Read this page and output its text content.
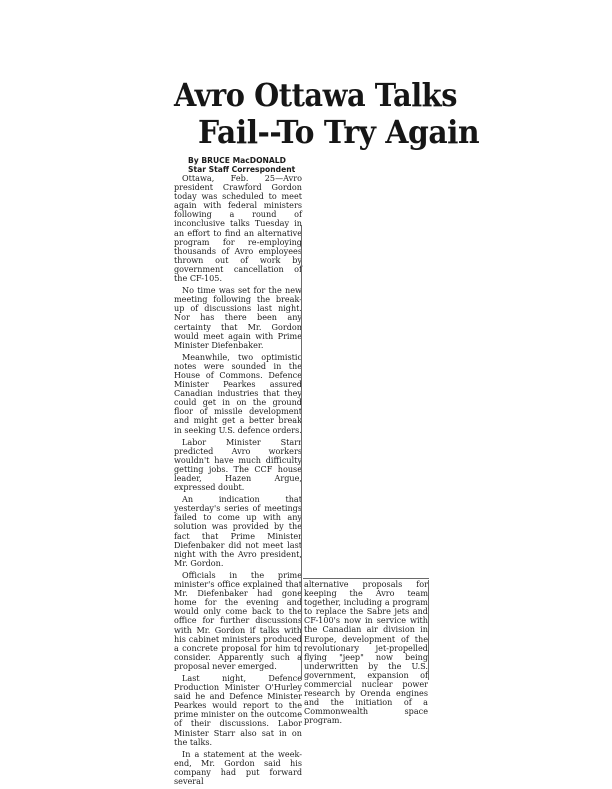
Avro Ottawa Talks
Fail--To Try Again
By BRUCE MacDONALD
Star Staff Correspondent

Ottawa, Feb. 25—Avro president Crawford Gordon today was scheduled to meet again with federal ministers following a round of inconclusive talks Tuesday in an effort to find an alternative program for re-employing thousands of Avro employees thrown out of work by government cancellation of the CF-105.

No time was set for the new meeting following the break-up of discussions last night. Nor has there been any certainty that Mr. Gordon would meet again with Prime Minister Diefenbaker.

Meanwhile, two optimistic notes were sounded in the House of Commons. Defence Minister Pearkes assured Canadian industries that they could get in on the ground floor of missile development and might get a better break in seeking U.S. defence orders.

Labor Minister Starr predicted Avro workers wouldn't have much difficulty getting jobs. The CCF house leader, Hazen Argue, expressed doubt.

An indication that yesterday's series of meetings failed to come up with any solution was provided by the fact that Prime Minister Diefenbaker did not meet last night with the Avro president, Mr. Gordon.

Officials in the prime minister's office explained that Mr. Diefenbaker had gone home for the evening and would only come back to the office for further discussions with Mr. Gordon if talks with his cabinet ministers produced a concrete proposal for him to consider. Apparently such a proposal never emerged.

Last night, Defence Production Minister O'Hurley said he and Defence Minister Pearkes would report to the prime minister on the outcome of their discussions. Labor Minister Starr also sat in on the talks.

In a statement at the week-end, Mr. Gordon said his company had put forward several

alternative proposals for keeping the Avro team together, including a program to replace the Sabre jets and CF-100's now in service with the Canadian air division in Europe, development of the revolutionary jet-propelled flying "jeep" now being underwritten by the U.S. government, expansion of commercial nuclear power research by Orenda engines and the initiation of a Commonwealth space program.
